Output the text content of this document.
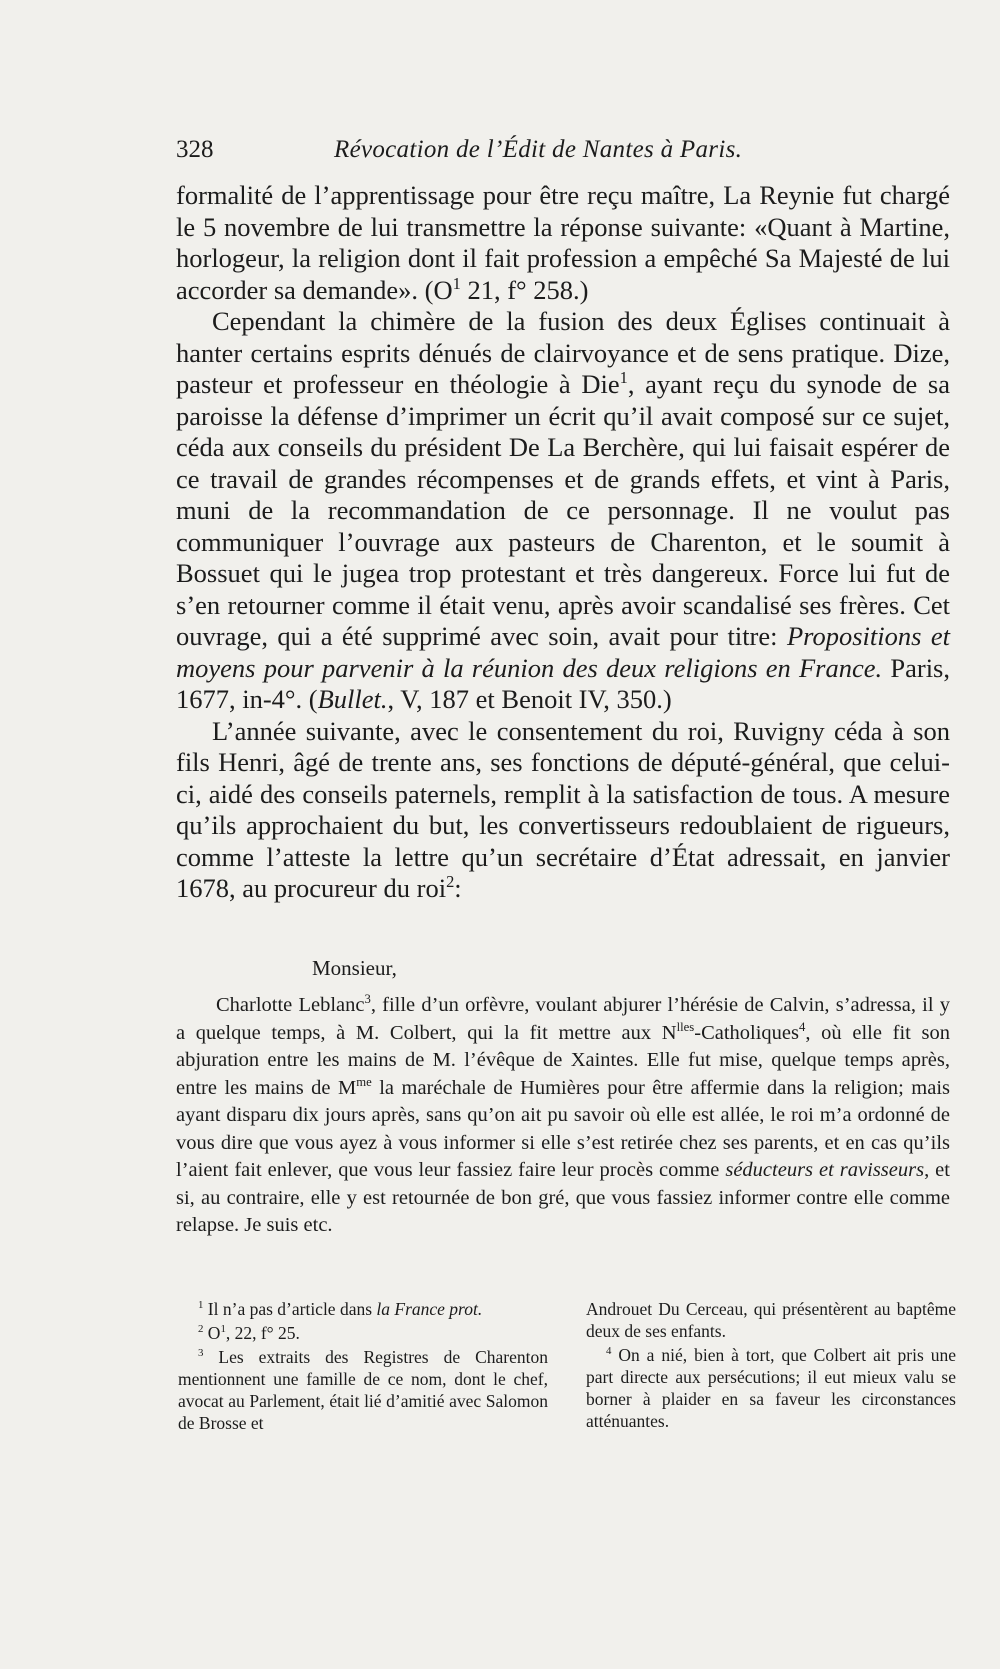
328	Révocation de l’Édit de Nantes à Paris.

formalité de l’apprentissage pour être reçu maître, La Reynie fut chargé le 5 novembre de lui transmettre la réponse suivante: «Quant à Martine, horlogeur, la religion dont il fait profession a empêché Sa Majesté de lui accorder sa demande». ($O^1$ 21, f° 258.)

Cependant la chimère de la fusion des deux Églises continuait à hanter certains esprits dénués de clairvoyance et de sens pratique. Dize, pasteur et professeur en théologie à Die$^1$, ayant reçu du synode de sa paroisse la défense d’imprimer un écrit qu’il avait composé sur ce sujet, céda aux conseils du président De La Berchère, qui lui faisait espérer de ce travail de grandes récompenses et de grands effets, et vint à Paris, muni de la recommandation de ce personnage. Il ne voulut pas communiquer l’ouvrage aux pasteurs de Charenton, et le soumit à Bossuet qui le jugea trop protestant et très dangereux. Force lui fut de s’en retourner comme il était venu, après avoir scandalisé ses frères. Cet ouvrage, qui a été supprimé avec soin, avait pour titre: Propositions et moyens pour parvenir à la réunion des deux religions en France. Paris, 1677, in-4°. (Bullet., V, 187 et Benoit IV, 350.)

L’année suivante, avec le consentement du roi, Ruvigny céda à son fils Henri, âgé de trente ans, ses fonctions de député-général, que celui-ci, aidé des conseils paternels, remplit à la satisfaction de tous. A mesure qu’ils approchaient du but, les convertisseurs redoublaient de rigueurs, comme l’atteste la lettre qu’un secrétaire d’État adressait, en janvier 1678, au procureur du roi$^2$:

Monsieur,

Charlotte Leblanc$^3$, fille d’un orfèvre, voulant abjurer l’hérésie de Calvin, s’adressa, il y a quelque temps, à M. Colbert, qui la fit mettre aux $N^{lles}-Catholiques^4$, où elle fit son abjuration entre les mains de M. l’évêque de Xaintes. Elle fut mise, quelque temps après, entre les mains de $M^{me}$ la maréchale de Humières pour être affermie dans la religion; mais ayant disparu dix jours après, sans qu’on ait pu savoir où elle est allée, le roi m’a ordonné de vous dire que vous ayez à vous informer si elle s’est retirée chez ses parents, et en cas qu’ils l’aient fait enlever, que vous leur fassiez faire leur procès comme séducteurs et ravisseurs, et si, au contraire, elle y est retournée de bon gré, que vous fassiez informer contre elle comme relapse. Je suis etc.

$^1$ Il n’a pas d’article dans la France prot.

$^2$ $O^1$, 22, f° 25.

$^3$ Les extraits des Registres de Charenton mentionnent une famille de ce nom, dont le chef, avocat au Parlement, était lié d’amitié avec Salomon de Brosse et

Androuet Du Cerceau, qui présentèrent au baptême deux de ses enfants.

$^4$ On a nié, bien à tort, que Colbert ait pris une part directe aux persécutions; il eut mieux valu se borner à plaider en sa faveur les circonstances atténuantes.
